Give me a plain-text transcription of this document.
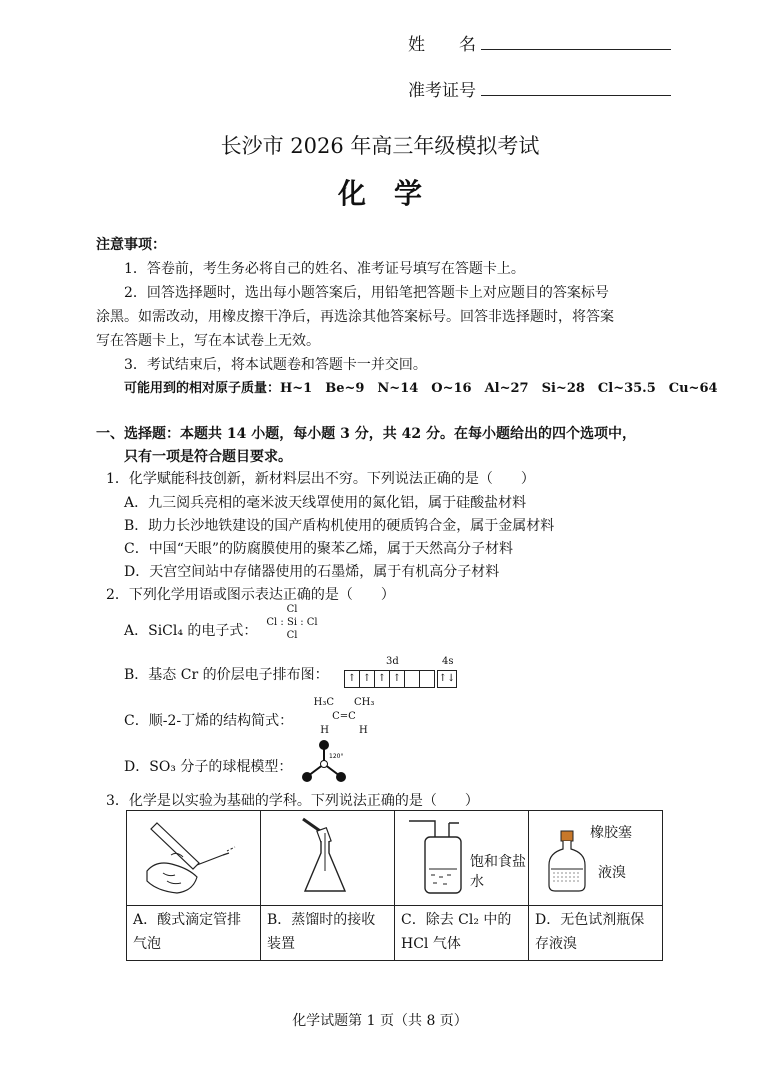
姓　　名
准考证号
长沙市 2026 年高三年级模拟考试
化　学
注意事项：
1．答卷前，考生务必将自己的姓名、准考证号填写在答题卡上。
2．回答选择题时，选出每小题答案后，用铅笔把答题卡上对应题目的答案标号
涂黑。如需改动，用橡皮擦干净后，再选涂其他答案标号。回答非选择题时，将答案
写在答题卡上，写在本试卷上无效。
3．考试结束后，将本试题卷和答题卡一并交回。
可能用到的相对原子质量：H~1　Be~9　N~14　O~16　Al~27　Si~28　Cl~35.5　Cu~64
一、选择题：本题共 14 小题，每小题 3 分，共 42 分。在每小题给出的四个选项中，
只有一项是符合题目要求。
1．化学赋能科技创新，新材料层出不穷。下列说法正确的是（　　）
A．九三阅兵亮相的毫米波天线罩使用的氮化铝，属于硅酸盐材料
B．助力长沙地铁建设的国产盾构机使用的硬质钨合金，属于金属材料
C．中国“天眼”的防腐膜使用的聚苯乙烯，属于天然高分子材料
D．天宫空间站中存储器使用的石墨烯，属于有机高分子材料
2．下列化学用语或图示表达正确的是（　　）
A．SiCl₄ 的电子式：
Cl
Cl : Si : Cl
Cl
B．基态 Cr 的价层电子排布图：
3d	4s
↑ ↑ ↑ ↑	↑↓
C．顺-2-丁烯的结构简式：
H₃C　　CH₃
C=C
H　　　H
D．SO₃ 分子的球棍模型：
120°
3．化学是以实验为基础的学科。下列说法正确的是（　　）

A．酸式滴定管排气泡	B．蒸馏时的接收装置	C．除去 Cl₂ 中的 HCl 气体	D．无色试剂瓶保存液溴
饱和食盐水
橡胶塞
液溴
化学试题第 1 页（共 8 页）
